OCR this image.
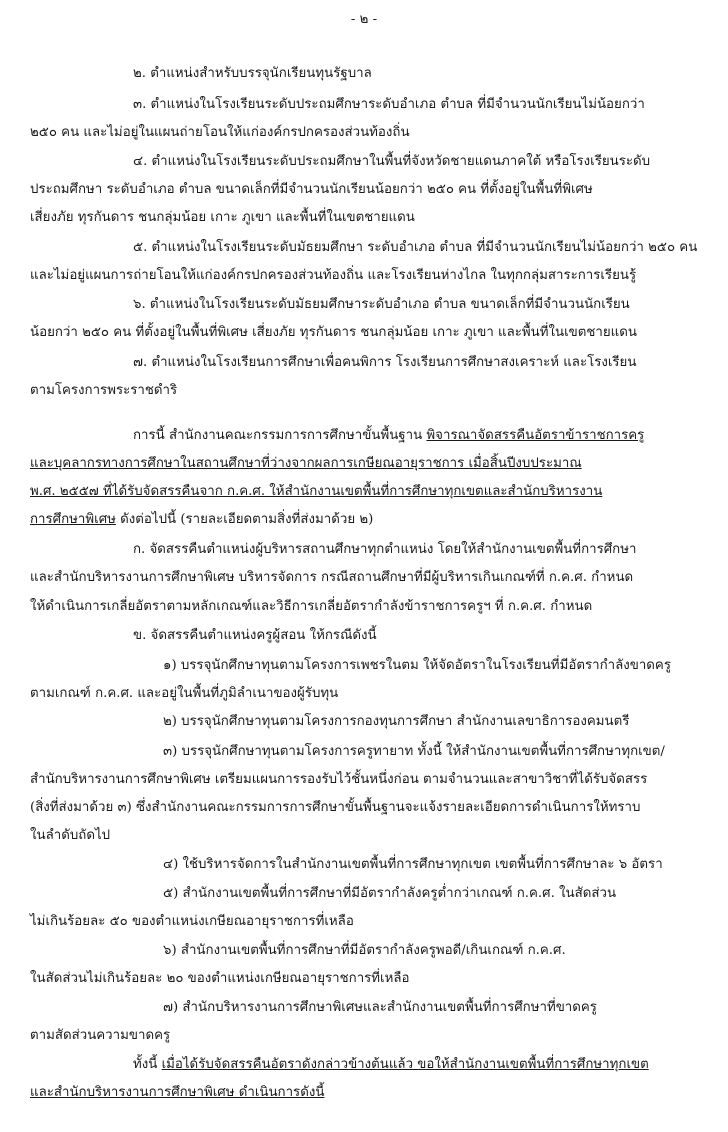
- ๒ -
๒. ตำแหน่งสำหรับบรรจุนักเรียนทุนรัฐบาล
๓. ตำแหน่งในโรงเรียนระดับประถมศึกษาระดับอำเภอ ตำบล ที่มีจำนวนนักเรียนไม่น้อยกว่า
๒๕๐ คน และไม่อยู่ในแผนถ่ายโอนให้แก่องค์กรปกครองส่วนท้องถิ่น
๔. ตำแหน่งในโรงเรียนระดับประถมศึกษาในพื้นที่จังหวัดชายแดนภาคใต้ หรือโรงเรียนระดับ
ประถมศึกษา ระดับอำเภอ ตำบล ขนาดเล็กที่มีจำนวนนักเรียนน้อยกว่า ๒๕๐ คน ที่ตั้งอยู่ในพื้นที่พิเศษ
เสี่ยงภัย ทุรกันดาร ชนกลุ่มน้อย เกาะ ภูเขา และพื้นที่ในเขตชายแดน
๕. ตำแหน่งในโรงเรียนระดับมัธยมศึกษา ระดับอำเภอ ตำบล ที่มีจำนวนนักเรียนไม่น้อยกว่า ๒๕๐ คน
และไม่อยู่แผนการถ่ายโอนให้แก่องค์กรปกครองส่วนท้องถิ่น และโรงเรียนห่างไกล ในทุกกลุ่มสาระการเรียนรู้
๖. ตำแหน่งในโรงเรียนระดับมัธยมศึกษาระดับอำเภอ ตำบล ขนาดเล็กที่มีจำนวนนักเรียน
น้อยกว่า ๒๕๐ คน ที่ตั้งอยู่ในพื้นที่พิเศษ เสี่ยงภัย ทุรกันดาร ชนกลุ่มน้อย เกาะ ภูเขา และพื้นที่ในเขตชายแดน
๗. ตำแหน่งในโรงเรียนการศึกษาเพื่อคนพิการ โรงเรียนการศึกษาสงเคราะห์ และโรงเรียน
ตามโครงการพระราชดำริ
การนี้ สำนักงานคณะกรรมการการศึกษาขั้นพื้นฐาน พิจารณาจัดสรรคืนอัตราข้าราชการครู
และบุคลากรทางการศึกษาในสถานศึกษาที่ว่างจากผลการเกษียณอายุราชการ เมื่อสิ้นปีงบประมาณ
พ.ศ. ๒๕๕๗ ที่ได้รับจัดสรรคืนจาก ก.ค.ศ. ให้สำนักงานเขตพื้นที่การศึกษาทุกเขตและสำนักบริหารงาน
การศึกษาพิเศษ ดังต่อไปนี้ (รายละเอียดตามสิ่งที่ส่งมาด้วย ๒)
ก. จัดสรรคืนตำแหน่งผู้บริหารสถานศึกษาทุกตำแหน่ง โดยให้สำนักงานเขตพื้นที่การศึกษา
และสำนักบริหารงานการศึกษาพิเศษ บริหารจัดการ กรณีสถานศึกษาที่มีผู้บริหารเกินเกณฑ์ที่ ก.ค.ศ. กำหนด
ให้ดำเนินการเกลี่ยอัตราตามหลักเกณฑ์และวิธีการเกลี่ยอัตรากำลังข้าราชการครูฯ ที่ ก.ค.ศ. กำหนด
ข. จัดสรรคืนตำแหน่งครูผู้สอน ให้กรณีดังนี้
๑) บรรจุนักศึกษาทุนตามโครงการเพชรในตม ให้จัดอัตราในโรงเรียนที่มีอัตรากำลังขาดครู
ตามเกณฑ์ ก.ค.ศ. และอยู่ในพื้นที่ภูมิลำเนาของผู้รับทุน
๒) บรรจุนักศึกษาทุนตามโครงการกองทุนการศึกษา สำนักงานเลขาธิการองคมนตรี
๓) บรรจุนักศึกษาทุนตามโครงการครูทายาท ทั้งนี้ ให้สำนักงานเขตพื้นที่การศึกษาทุกเขต/
สำนักบริหารงานการศึกษาพิเศษ เตรียมแผนการรองรับไว้ชั้นหนึ่งก่อน ตามจำนวนและสาขาวิชาที่ได้รับจัดสรร
(สิ่งที่ส่งมาด้วย ๓) ซึ่งสำนักงานคณะกรรมการการศึกษาขั้นพื้นฐานจะแจ้งรายละเอียดการดำเนินการให้ทราบ
ในลำดับถัดไป
๔) ใช้บริหารจัดการในสำนักงานเขตพื้นที่การศึกษาทุกเขต เขตพื้นที่การศึกษาละ ๖ อัตรา
๕) สำนักงานเขตพื้นที่การศึกษาที่มีอัตรากำลังครูต่ำกว่าเกณฑ์ ก.ค.ศ. ในสัดส่วน
ไม่เกินร้อยละ ๕๐ ของตำแหน่งเกษียณอายุราชการที่เหลือ
๖) สำนักงานเขตพื้นที่การศึกษาที่มีอัตรากำลังครูพอดี/เกินเกณฑ์ ก.ค.ศ.
ในสัดส่วนไม่เกินร้อยละ ๒๐ ของตำแหน่งเกษียณอายุราชการที่เหลือ
๗) สำนักบริหารงานการศึกษาพิเศษและสำนักงานเขตพื้นที่การศึกษาที่ขาดครู
ตามสัดส่วนความขาดครู
ทั้งนี้ เมื่อได้รับจัดสรรคืนอัตราดังกล่าวข้างต้นแล้ว ขอให้สำนักงานเขตพื้นที่การศึกษาทุกเขต
และสำนักบริหารงานการศึกษาพิเศษ ดำเนินการดังนี้
